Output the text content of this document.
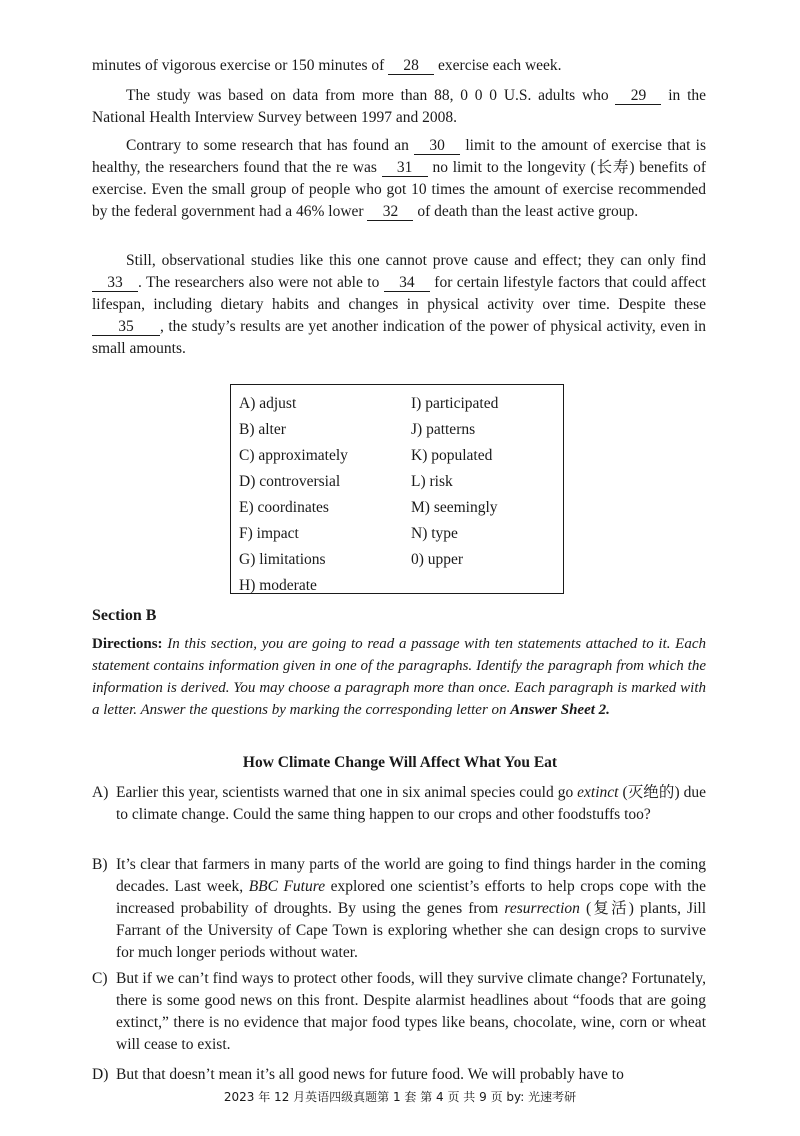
minutes of vigorous exercise or 150 minutes of 28 exercise each week.

The study was based on data from more than 88, 0 0 0 U.S. adults who 29 in the National Health Interview Survey between 1997 and 2008.

Contrary to some research that has found an 30 limit to the amount of exercise that is healthy, the researchers found that the re was 31 no limit to the longevity (长寿) benefits of exercise. Even the small group of people who got 10 times the amount of exercise recommended by the federal government had a 46% lower 32 of death than the least active group.

Still, observational studies like this one cannot prove cause and effect; they can only find 33 . The researchers also were not able to 34 for certain lifestyle factors that could affect lifespan, including dietary habits and changes in physical activity over time. Despite these 35 , the study’s results are yet another indication of the power of physical activity, even in small amounts.

A) adjust
B) alter
C) approximately
D) controversial
E) coordinates
F) impact
G) limitations
H) moderate
I) participated
J) patterns
K) populated
L) risk
M) seemingly
N) type
0) upper
Section B

Directions: In this section, you are going to read a passage with ten statements attached to it. Each statement contains information given in one of the paragraphs. Identify the paragraph from which the information is derived. You may choose a paragraph more than once. Each paragraph is marked with a letter. Answer the questions by marking the corresponding letter on Answer Sheet 2.

How Climate Change Will Affect What You Eat
A) Earlier this year, scientists warned that one in six animal species could go extinct (灭绝的) due to climate change. Could the same thing happen to our crops and other foodstuffs too?
B) It’s clear that farmers in many parts of the world are going to find things harder in the coming decades. Last week, BBC Future explored one scientist’s efforts to help crops cope with the increased probability of droughts. By using the genes from resurrection (复活) plants, Jill Farrant of the University of Cape Town is exploring whether she can design crops to survive for much longer periods without water.
C) But if we can’t find ways to protect other foods, will they survive climate change? Fortunately, there is some good news on this front. Despite alarmist headlines about “foods that are going extinct,” there is no evidence that major food types like beans, chocolate, wine, corn or wheat will cease to exist.
D) But that doesn’t mean it’s all good news for future food. We will probably have to
2023 年 12 月英语四级真题第 1 套 第 4 页 共 9 页 by: 光速考研
